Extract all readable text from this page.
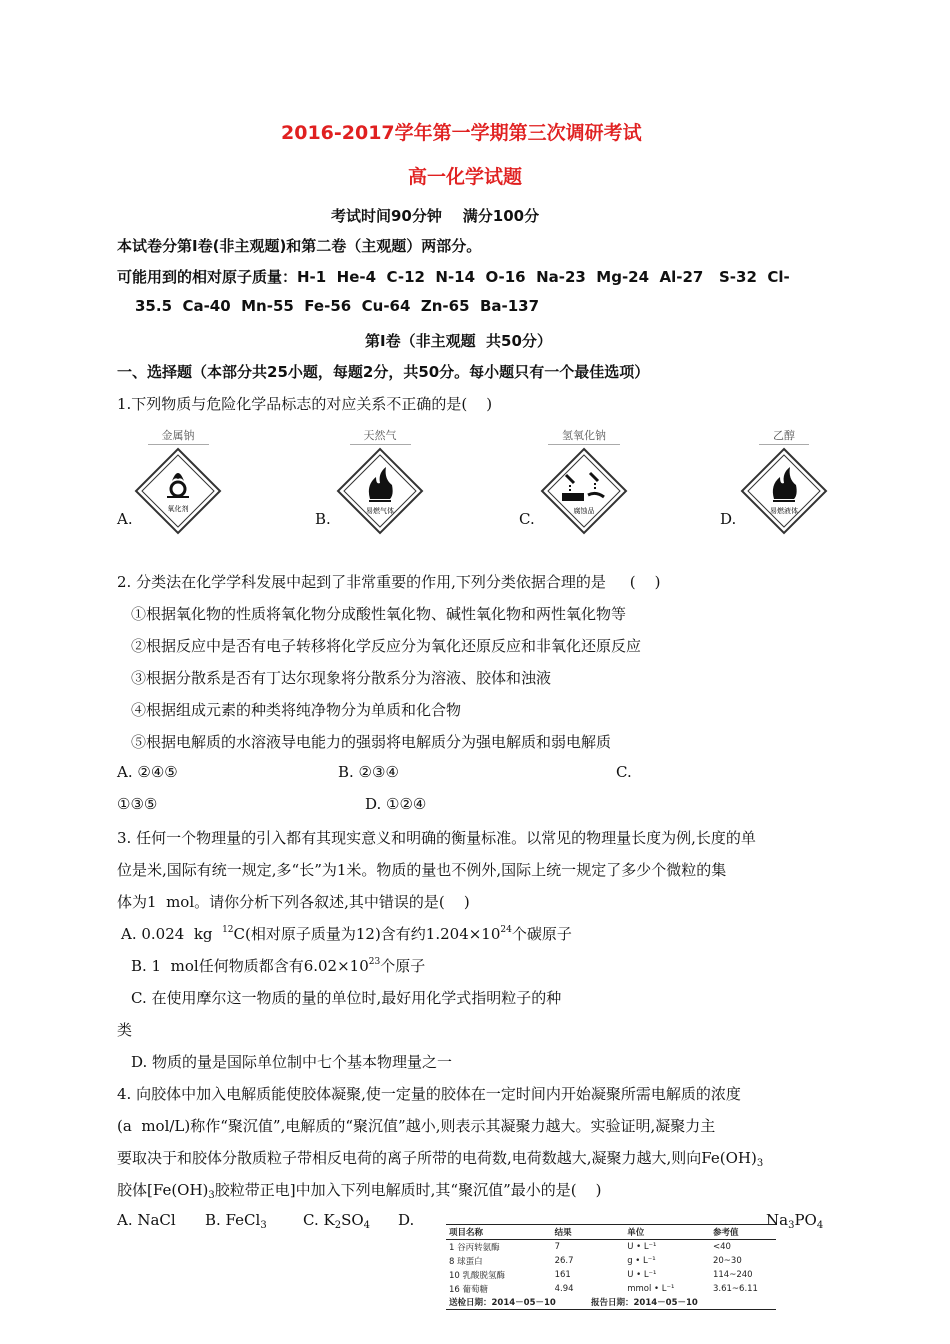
2016-2017学年第一学期第三次调研考试
高一化学试题
考试时间90分钟    满分100分
本试卷分第Ⅰ卷(非主观题)和第二卷（主观题）两部分。
可能用到的相对原子质量：H-1  He-4  C-12  N-14  O-16  Na-23  Mg-24  Al-27   S-32  Cl-
35.5  Ca-40  Mn-55  Fe-56  Cu-64  Zn-65  Ba-137
第Ⅰ卷（非主观题  共50分）
一、选择题（本部分共25小题，每题2分，共50分。每小题只有一个最佳选项）
1.下列物质与危险化学品标志的对应关系不正确的是(    )
金属钠
氧化剂
A.
天然气
易燃气体
B.
氢氧化钠
腐蚀品
C.
乙醇
易燃液体
D.
2. 分类法在化学学科发展中起到了非常重要的作用,下列分类依据合理的是     (    )
①根据氧化物的性质将氧化物分成酸性氧化物、碱性氧化物和两性氧化物等
②根据反应中是否有电子转移将化学反应分为氧化还原反应和非氧化还原反应
③根据分散系是否有丁达尔现象将分散系分为溶液、胶体和浊液
④根据组成元素的种类将纯净物分为单质和化合物
⑤根据电解质的水溶液导电能力的强弱将电解质分为强电解质和弱电解质
A. ②④⑤	B. ②③④	C.
①③⑤	D. ①②④
3. 任何一个物理量的引入都有其现实意义和明确的衡量标准。以常见的物理量长度为例,长度的单
位是米,国际有统一规定,多“长”为1米。物质的量也不例外,国际上统一规定了多少个微粒的集
体为1  mol。请你分析下列各叙述,其中错误的是(    )
A. 0.024  kg  $^{12}$C(相对原子质量为12)含有约$1.204\times 10^{24}$个碳原子
B. 1  mol任何物质都含有$6.02\times 10^{23}$个原子
C. 在使用摩尔这一物质的量的单位时,最好用化学式指明粒子的种
类
D. 物质的量是国际单位制中七个基本物理量之一
4. 向胶体中加入电解质能使胶体凝聚,使一定量的胶体在一定时间内开始凝聚所需电解质的浓度
(a  mol/L)称作“聚沉值”,电解质的“聚沉值”越小,则表示其凝聚力越大。实验证明,凝聚力主
要取决于和胶体分散质粒子带相反电荷的离子所带的电荷数,电荷数越大,凝聚力越大,则向$Fe(OH)_3$
胶体[$Fe(OH)_3$胶粒带正电]中加入下列电解质时,其“聚沉值”最小的是(    )
A. NaCl B. FeCl$_3$ C. $K_2SO_4$ D.	$Na_3PO_4$
项目名称	结果	单位	参考值
1 谷丙转氨酶	7	U • L⁻¹	<40
8 球蛋白	26.7	g • L⁻¹	20~30
10 乳酸脱氢酶	161	U • L⁻¹	114~240
16 葡萄糖	4.94	mmol • L⁻¹	3.61~6.11
送检日期：2014－05－10	报告日期：2014－05－10
